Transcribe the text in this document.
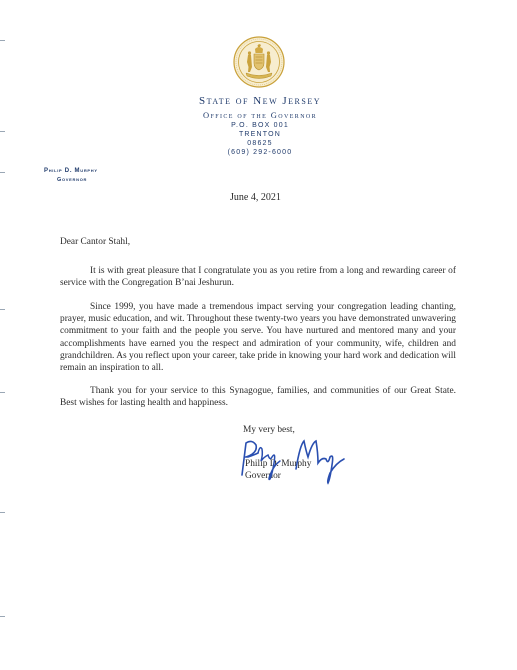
State of New Jersey
Office of the Governor
P.O. BOX 001
TRENTON
08625
(609) 292-6000
Philip D. Murphy
Governor
June 4, 2021
Dear Cantor Stahl,
It is with great pleasure that I congratulate you as you retire from a long and rewarding career of service with the Congregation B’nai Jeshurun.
Since 1999, you have made a tremendous impact serving your congregation leading chanting, prayer, music education, and wit. Throughout these twenty-two years you have demonstrated unwavering commitment to your faith and the people you serve. You have nurtured and mentored many and your accomplishments have earned you the respect and admiration of your community, wife, children and grandchildren. As you reflect upon your career, take pride in knowing your hard work and dedication will remain an inspiration to all.
Thank you for your service to this Synagogue, families, and communities of our Great State. Best wishes for lasting health and happiness.
My very best,
Philip D. Murphy
Governor
